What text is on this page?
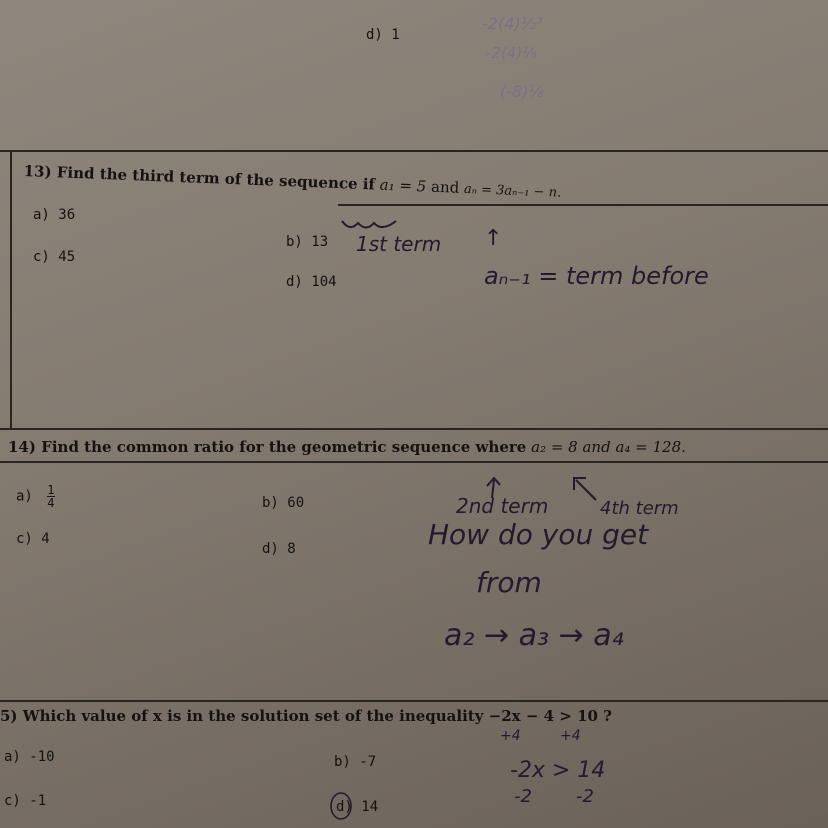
d) 1
-2(4)¹⁄₂³
-2(4)¹⁄₈
(-8)¹⁄₈
13) Find the third term of the sequence if a₁ = 5 and aₙ = 3aₙ₋₁ − n.
a) 36
b) 13
c) 45
d) 104
1st term ↑
aₙ₋₁ = term before
\u2022
14) Find the common ratio for the geometric sequence where a₂ = 8 and a₄ = 128.
$a) \frac{1}{4}$	b) 60
c) 4
d) 8
2nd term	4th term
How do you get
from
a₂ → a₃ → a₄
5) Which value of x is in the solution set of the inequality −2x − 4 > 10 ?
+4	+4
a) -10	b) -7
c) -1	d) 14
-2x > 14
-2 -2
